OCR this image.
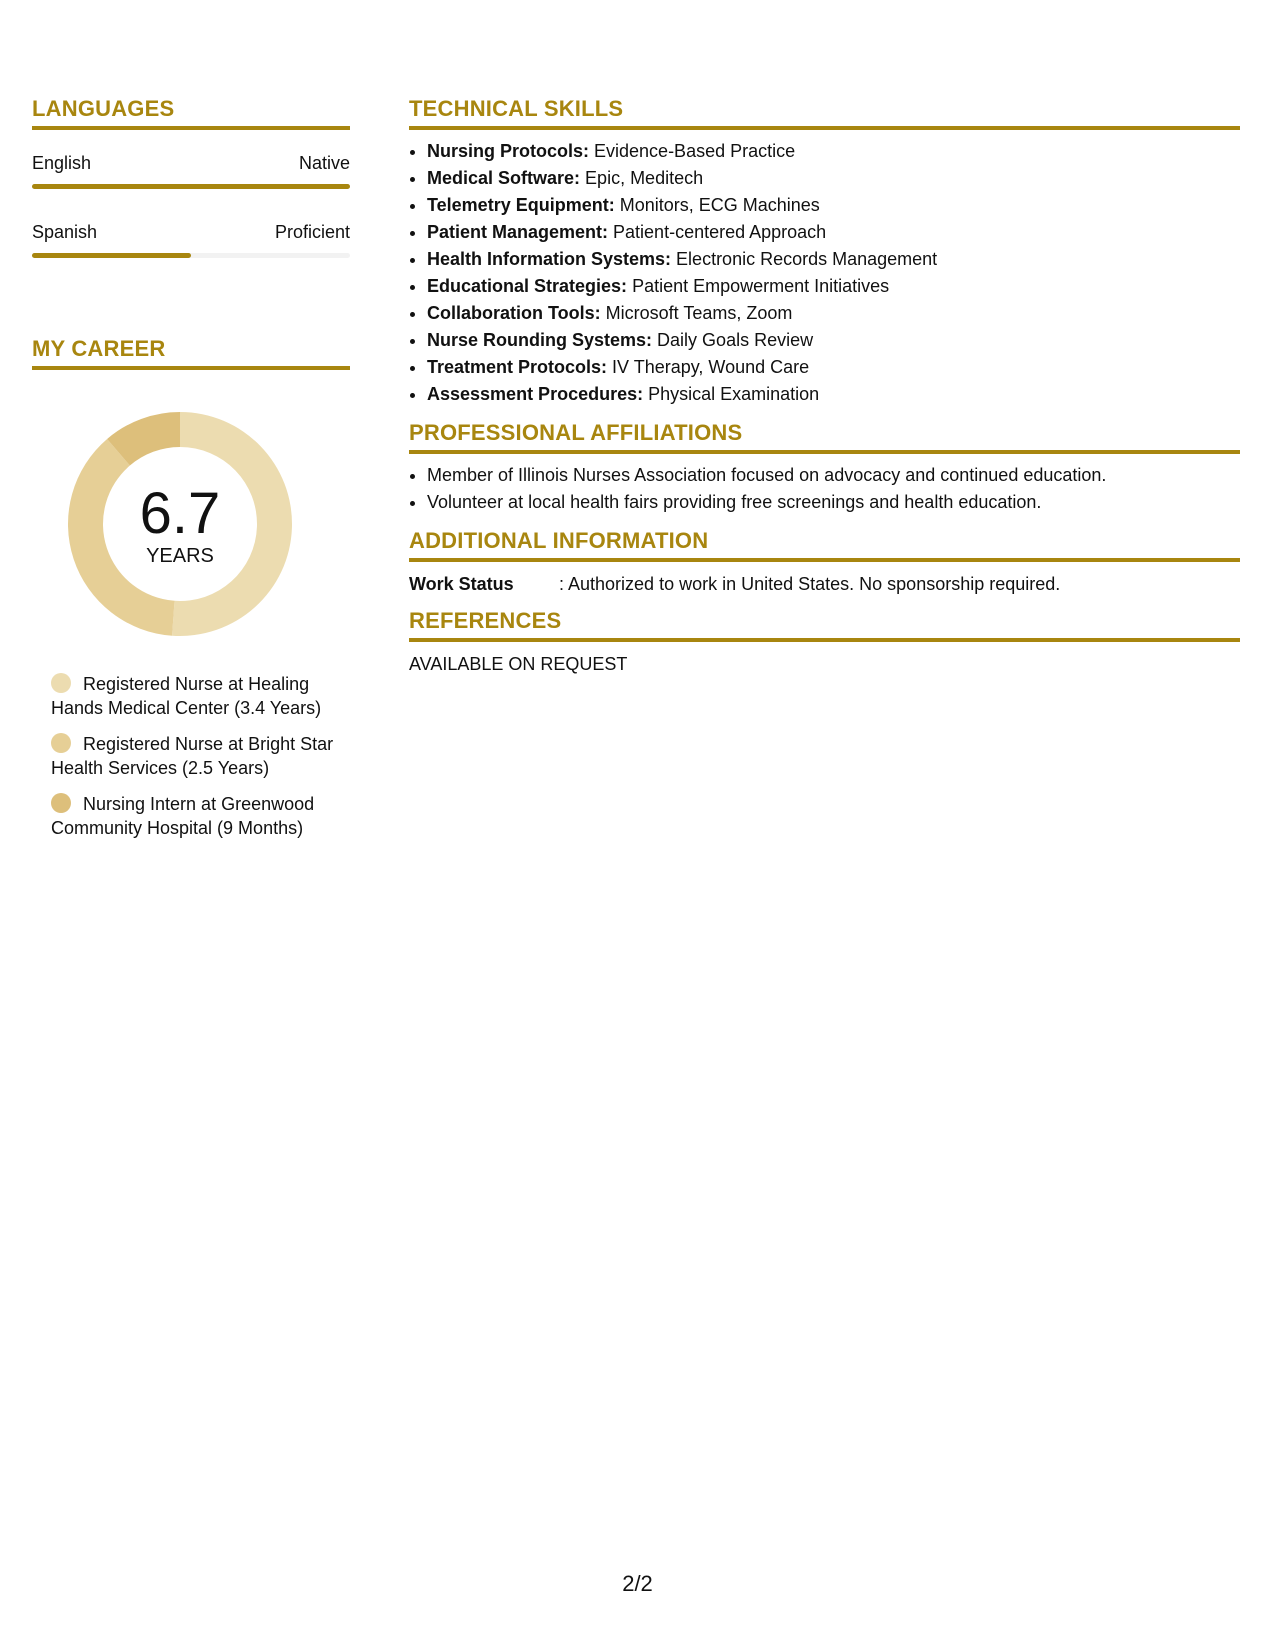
LANGUAGES
English	Native
Spanish	Proficient
MY CAREER
6.7
YEARS
Registered Nurse at Healing Hands Medical Center (3.4 Years)
Registered Nurse at Bright Star Health Services (2.5 Years)
Nursing Intern at Greenwood Community Hospital (9 Months)
TECHNICAL SKILLS
• Nursing Protocols: Evidence-Based Practice
• Medical Software: Epic, Meditech
• Telemetry Equipment: Monitors, ECG Machines
• Patient Management: Patient-centered Approach
• Health Information Systems: Electronic Records Management
• Educational Strategies: Patient Empowerment Initiatives
• Collaboration Tools: Microsoft Teams, Zoom
• Nurse Rounding Systems: Daily Goals Review
• Treatment Protocols: IV Therapy, Wound Care
• Assessment Procedures: Physical Examination
PROFESSIONAL AFFILIATIONS
• Member of Illinois Nurses Association focused on advocacy and continued education.
• Volunteer at local health fairs providing free screenings and health education.
ADDITIONAL INFORMATION
Work Status	: Authorized to work in United States. No sponsorship required.
REFERENCES
AVAILABLE ON REQUEST
2/2
